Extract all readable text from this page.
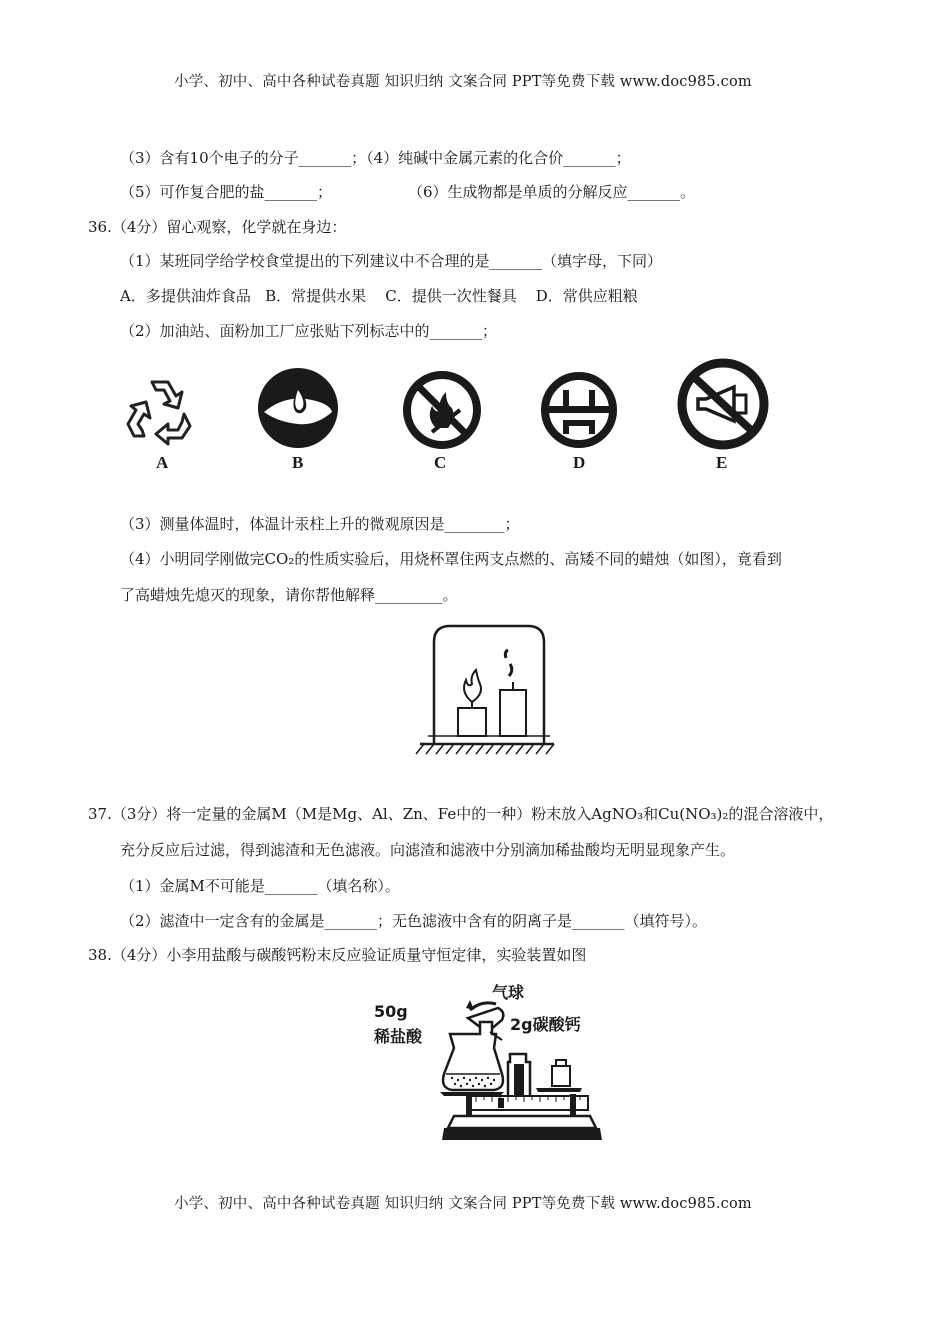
小学、初中、高中各种试卷真题 知识归纳 文案合同 PPT等免费下载 www.doc985.com
（3）含有10个电子的分子_______；（4）纯碱中金属元素的化合价_______；
（5）可作复合肥的盐_______；	（6）生成物都是单质的分解反应_______。
36.（4分）留心观察，化学就在身边：
（1）某班同学给学校食堂提出的下列建议中不合理的是_______（填字母，下同）
A．多提供油炸食品   B．常提供水果    C．提供一次性餐具    D．常供应粗粮
（2）加油站、面粉加工厂应张贴下列标志中的_______；
A	B	C	D	E
（3）测量体温时，体温计汞柱上升的微观原因是________；
（4）小明同学刚做完CO₂的性质实验后，用烧杯罩住两支点燃的、高矮不同的蜡烛（如图），竟看到
了高蜡烛先熄灭的现象，请你帮他解释_________。
37.（3分）将一定量的金属M（M是Mg、Al、Zn、Fe中的一种）粉末放入AgNO₃和Cu(NO₃)₂的混合溶液中，
充分反应后过滤，得到滤渣和无色滤液。向滤渣和滤液中分别滴加稀盐酸均无明显现象产生。
（1）金属M不可能是_______（填名称）。
（2）滤渣中一定含有的金属是_______；无色滤液中含有的阴离子是_______（填符号）。
38.（4分）小李用盐酸与碳酸钙粉末反应验证质量守恒定律，实验装置如图
气球
50g
稀盐酸
2g碳酸钙
小学、初中、高中各种试卷真题 知识归纳 文案合同 PPT等免费下载 www.doc985.com
